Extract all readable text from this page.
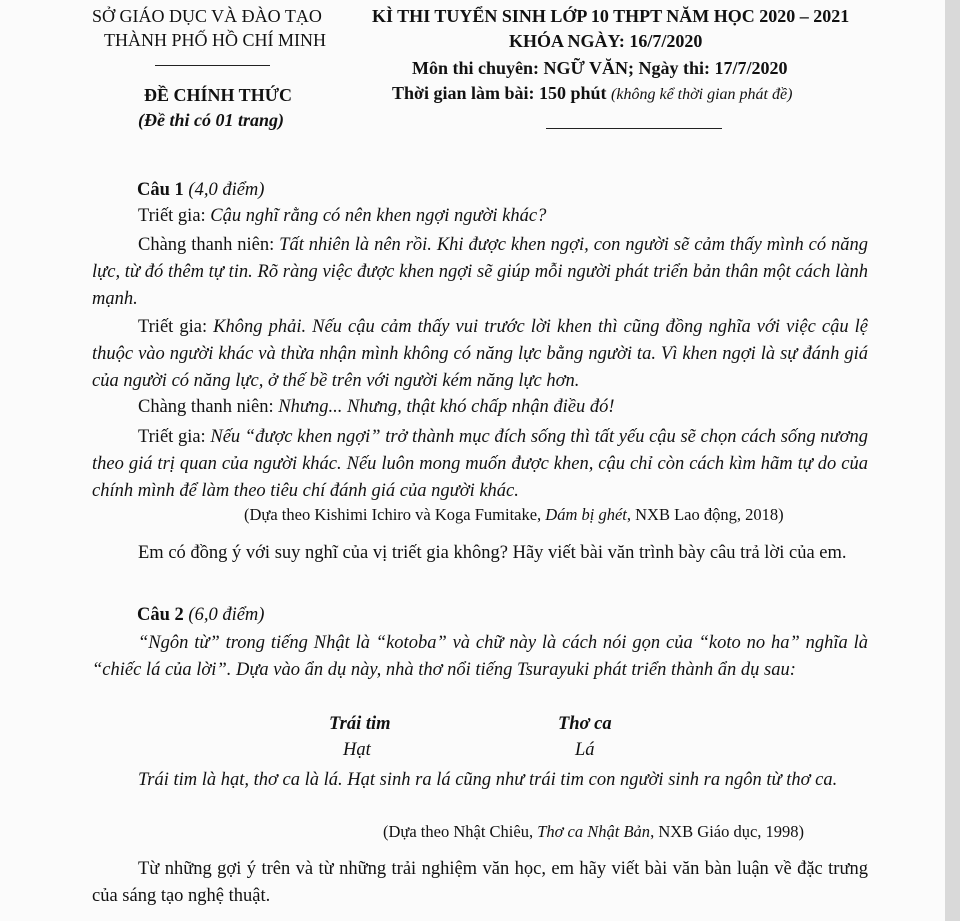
SỞ GIÁO DỤC VÀ ĐÀO TẠO
THÀNH PHỐ HỒ CHÍ MINH
ĐỀ CHÍNH THỨC
(Đề thi có 01 trang)
KÌ THI TUYỂN SINH LỚP 10 THPT NĂM HỌC 2020 – 2021
KHÓA NGÀY: 16/7/2020
Môn thi chuyên: NGỮ VĂN; Ngày thi: 17/7/2020
Thời gian làm bài: 150 phút (không kể thời gian phát đề)
Câu 1 (4,0 điểm)
Triết gia: Cậu nghĩ rằng có nên khen ngợi người khác?
Chàng thanh niên: Tất nhiên là nên rồi. Khi được khen ngợi, con người sẽ cảm thấy mình có năng lực, từ đó thêm tự tin. Rõ ràng việc được khen ngợi sẽ giúp mỗi người phát triển bản thân một cách lành mạnh.
Triết gia: Không phải. Nếu cậu cảm thấy vui trước lời khen thì cũng đồng nghĩa với việc cậu lệ thuộc vào người khác và thừa nhận mình không có năng lực bằng người ta. Vì khen ngợi là sự đánh giá của người có năng lực, ở thế bề trên với người kém năng lực hơn.
Chàng thanh niên: Nhưng... Nhưng, thật khó chấp nhận điều đó!
Triết gia: Nếu “được khen ngợi” trở thành mục đích sống thì tất yếu cậu sẽ chọn cách sống nương theo giá trị quan của người khác. Nếu luôn mong muốn được khen, cậu chỉ còn cách kìm hãm tự do của chính mình để làm theo tiêu chí đánh giá của người khác.
(Dựa theo Kishimi Ichiro và Koga Fumitake, Dám bị ghét, NXB Lao động, 2018)
Em có đồng ý với suy nghĩ của vị triết gia không? Hãy viết bài văn trình bày câu trả lời của em.
Câu 2 (6,0 điểm)
“Ngôn từ” trong tiếng Nhật là “kotoba” và chữ này là cách nói gọn của “koto no ha” nghĩa là “chiếc lá của lời”. Dựa vào ẩn dụ này, nhà thơ nổi tiếng Tsurayuki phát triển thành ẩn dụ sau:
Trái tim	Thơ ca
Hạt	Lá
Trái tim là hạt, thơ ca là lá. Hạt sinh ra lá cũng như trái tim con người sinh ra ngôn từ thơ ca.
(Dựa theo Nhật Chiêu, Thơ ca Nhật Bản, NXB Giáo dục, 1998)
Từ những gợi ý trên và từ những trải nghiệm văn học, em hãy viết bài văn bàn luận về đặc trưng của sáng tạo nghệ thuật.
